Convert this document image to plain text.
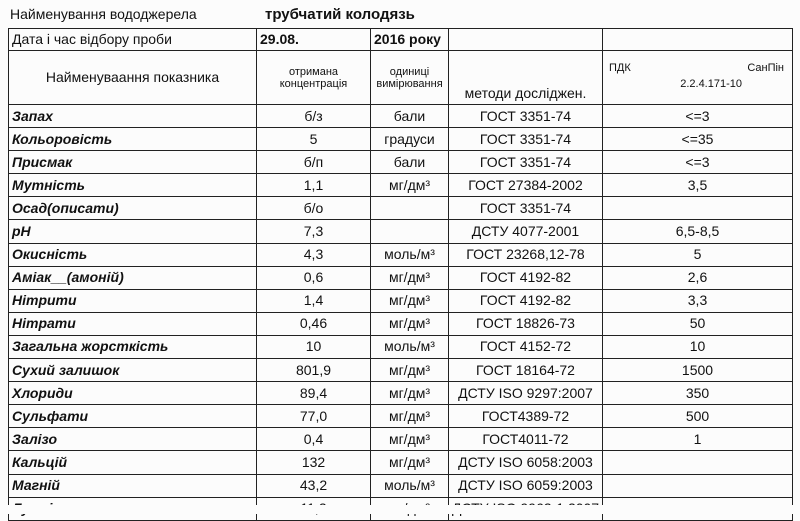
Найменування вододжерела	трубчатий колодязь
Дата і час відбору проби	29.08.	2016 року		
Найменуваання показника	отримана концентрація	одиниці вимірювання	методи дослiджен.	ПДК СанПін
2.2.4.171-10

Запах	б/з	бали	ГОСТ 3351-74	<=3
Кольоровість	5	градуси	ГОСТ 3351-74	<=35
Присмак	б/п	бали	ГОСТ 3351-74	<=3
Мутність	1,1	мг/дм³	ГОСТ 27384-2002	3,5
Осад(описати)	б/о		ГОСТ 3351-74	
pH	7,3		ДСТУ 4077-2001	6,5-8,5
Окисність	4,3	моль/м³	ГОСТ 23268,12-78	5
Аміак__(амоній)	0,6	мг/дм³	ГОСТ 4192-82	2,6
Нітрити	1,4	мг/дм³	ГОСТ 4192-82	3,3
Нітрати	0,46	мг/дм³	ГОСТ 18826-73	50
Загальна жорсткість	10	моль/м³	ГОСТ 4152-72	10
Сухий залишок	801,9	мг/дм³	ГОСТ 18164-72	1500
Хлориди	89,4	мг/дм³	ДСТУ ISO 9297:2007	350
Сульфати	77,0	мг/дм³	ГОСТ4389-72	500
Залізо	0,4	мг/дм³	ГОСТ4011-72	1
Кальцій	132	мг/дм³	ДСТУ ISO 6058:2003	
Магній	43,2	моль/м³	ДСТУ ISO 6059:2003	
